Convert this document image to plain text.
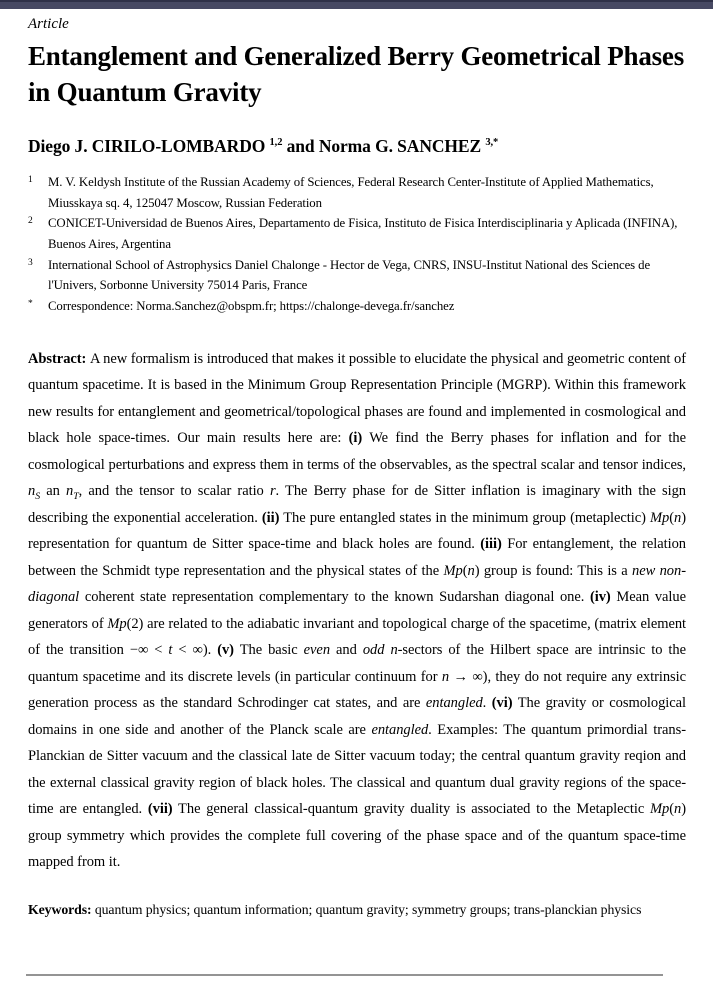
Article
Entanglement and Generalized Berry Geometrical Phases in Quantum Gravity
Diego J. CIRILO-LOMBARDO $^{1,2}$ and Norma G. SANCHEZ $^{3,*}$
1	M. V. Keldysh Institute of the Russian Academy of Sciences, Federal Research Center-Institute of Applied Mathematics, Miusskaya sq. 4, 125047 Moscow, Russian Federation
2	CONICET-Universidad de Buenos Aires, Departamento de Fisica, Instituto de Fisica Interdisciplinaria y Aplicada (INFINA), Buenos Aires, Argentina
3	International School of Astrophysics Daniel Chalonge - Hector de Vega, CNRS, INSU-Institut National des Sciences de l'Univers, Sorbonne University 75014 Paris, France
*	Correspondence: Norma.Sanchez@obspm.fr; https://chalonge-devega.fr/sanchez
Abstract: A new formalism is introduced that makes it possible to elucidate the physical and geometric content of quantum spacetime. It is based in the Minimum Group Representation Principle (MGRP). Within this framework new results for entanglement and geometrical/topological phases are found and implemented in cosmological and black hole space-times. Our main results here are: (i) We find the Berry phases for inflation and for the cosmological perturbations and express them in terms of the observables, as the spectral scalar and tensor indices, $n_S$ an $n_T$, and the tensor to scalar ratio r. The Berry phase for de Sitter inflation is imaginary with the sign describing the exponential acceleration. (ii) The pure entangled states in the minimum group (metaplectic) Mp(n) representation for quantum de Sitter space-time and black holes are found. (iii) For entanglement, the relation between the Schmidt type representation and the physical states of the Mp(n) group is found: This is a new non-diagonal coherent state representation complementary to the known Sudarshan diagonal one. (iv) Mean value generators of Mp(2) are related to the adiabatic invariant and topological charge of the spacetime, (matrix element of the transition −∞ < t < ∞). (v) The basic even and odd n-sectors of the Hilbert space are intrinsic to the quantum spacetime and its discrete levels (in particular continuum for n → ∞), they do not require any extrinsic generation process as the standard Schrodinger cat states, and are entangled. (vi) The gravity or cosmological domains in one side and another of the Planck scale are entangled. Examples: The quantum primordial trans-Planckian de Sitter vacuum and the classical late de Sitter vacuum today; the central quantum gravity reqion and the external classical gravity region of black holes. The classical and quantum dual gravity regions of the space-time are entangled. (vii) The general classical-quantum gravity duality is associated to the Metaplectic Mp(n) group symmetry which provides the complete full covering of the phase space and of the quantum space-time mapped from it.
Keywords: quantum physics; quantum information; quantum gravity; symmetry groups; trans-planckian physics
